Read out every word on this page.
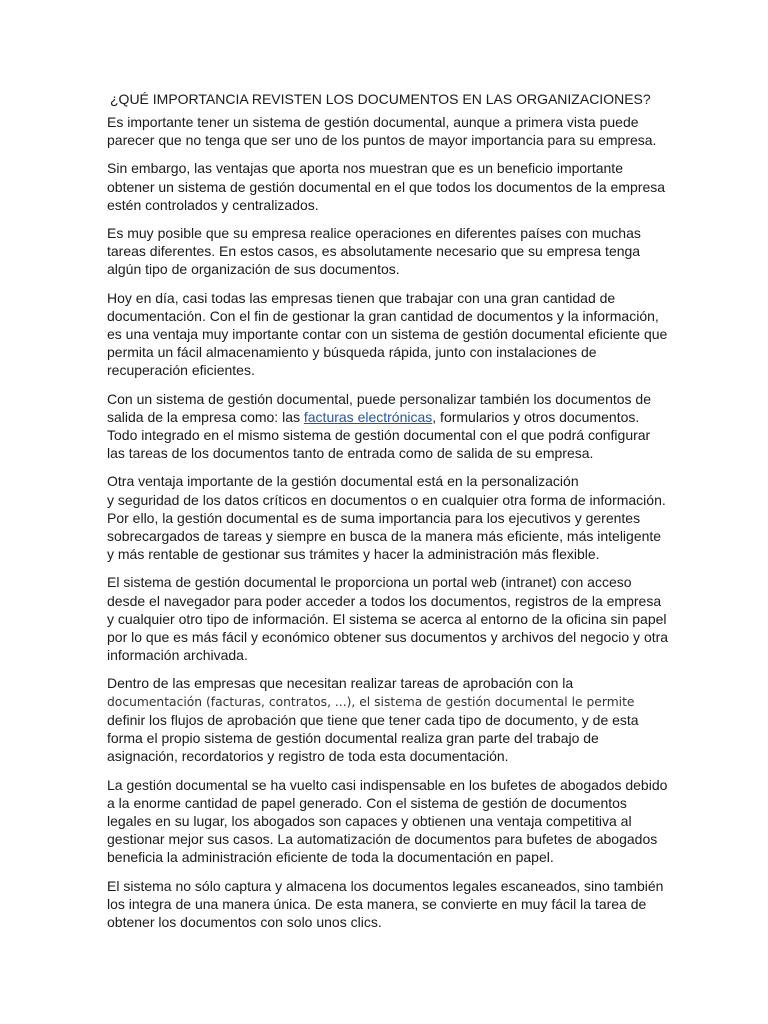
¿QUÉ IMPORTANCIA REVISTEN LOS DOCUMENTOS EN LAS ORGANIZACIONES?

Es importante tener un sistema de gestión documental, aunque a primera vista puede
parecer que no tenga que ser uno de los puntos de mayor importancia para su empresa.

Sin embargo, las ventajas que aporta nos muestran que es un beneficio importante
obtener un sistema de gestión documental en el que todos los documentos de la empresa
estén controlados y centralizados.

Es muy posible que su empresa realice operaciones en diferentes países con muchas
tareas diferentes. En estos casos, es absolutamente necesario que su empresa tenga
algún tipo de organización de sus documentos.

Hoy en día, casi todas las empresas tienen que trabajar con una gran cantidad de
documentación. Con el fin de gestionar la gran cantidad de documentos y la información,
es una ventaja muy importante contar con un sistema de gestión documental eficiente que
permita un fácil almacenamiento y búsqueda rápida, junto con instalaciones de
recuperación eficientes.

Con un sistema de gestión documental, puede personalizar también los documentos de
salida de la empresa como: las facturas electrónicas, formularios y otros documentos.
Todo integrado en el mismo sistema de gestión documental con el que podrá configurar
las tareas de los documentos tanto de entrada como de salida de su empresa.

Otra ventaja importante de la gestión documental está en la personalización
y seguridad de los datos críticos en documentos o en cualquier otra forma de información.
Por ello, la gestión documental es de suma importancia para los ejecutivos y gerentes
sobrecargados de tareas y siempre en busca de la manera más eficiente, más inteligente
y más rentable de gestionar sus trámites y hacer la administración más flexible.

El sistema de gestión documental le proporciona un portal web (intranet) con acceso
desde el navegador para poder acceder a todos los documentos, registros de la empresa
y cualquier otro tipo de información. El sistema se acerca al entorno de la oficina sin papel
por lo que es más fácil y económico obtener sus documentos y archivos del negocio y otra
información archivada.

Dentro de las empresas que necesitan realizar tareas de aprobación con la
documentación (facturas, contratos, ...), el sistema de gestión documental le permite
definir los flujos de aprobación que tiene que tener cada tipo de documento, y de esta
forma el propio sistema de gestión documental realiza gran parte del trabajo de
asignación, recordatorios y registro de toda esta documentación.

La gestión documental se ha vuelto casi indispensable en los bufetes de abogados debido
a la enorme cantidad de papel generado. Con el sistema de gestión de documentos
legales en su lugar, los abogados son capaces y obtienen una ventaja competitiva al
gestionar mejor sus casos. La automatización de documentos para bufetes de abogados
beneficia la administración eficiente de toda la documentación en papel.

El sistema no sólo captura y almacena los documentos legales escaneados, sino también
los integra de una manera única. De esta manera, se convierte en muy fácil la tarea de
obtener los documentos con solo unos clics.
